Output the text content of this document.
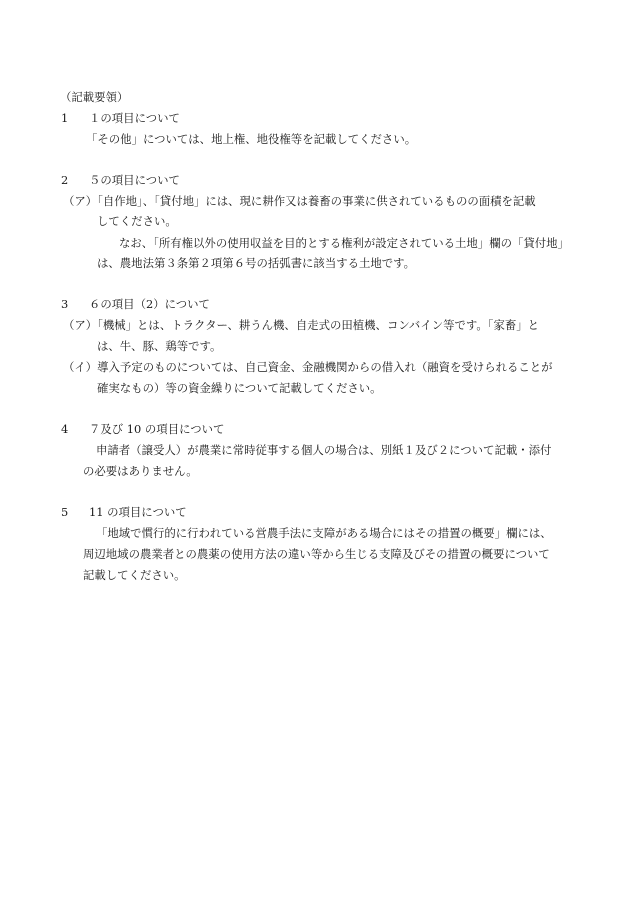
（記載要領）
1 １の項目について
「その他」については、地上権、地役権等を記載してください。
2 ５の項目について
（ア）「自作地」、「貸付地」には、現に耕作又は養畜の事業に供されているものの面積を記載
してください。
なお、「所有権以外の使用収益を目的とする権利が設定されている土地」欄の「貸付地」
は、農地法第３条第２項第６号の括弧書に該当する土地です。
3 ６の項目（2）について
（ア）「機械」とは、トラクター、耕うん機、自走式の田植機、コンバイン等です。「家畜」と
は、牛、豚、鶏等です。
（イ）導入予定のものについては、自己資金、金融機関からの借入れ（融資を受けられることが
確実なもの）等の資金繰りについて記載してください。
4 ７及び 10 の項目について
申請者（譲受人）が農業に常時従事する個人の場合は、別紙１及び２について記載・添付
の必要はありません。
5 11 の項目について
「地域で慣行的に行われている営農手法に支障がある場合にはその措置の概要」欄には、
周辺地域の農業者との農薬の使用方法の違い等から生じる支障及びその措置の概要について
記載してください。
